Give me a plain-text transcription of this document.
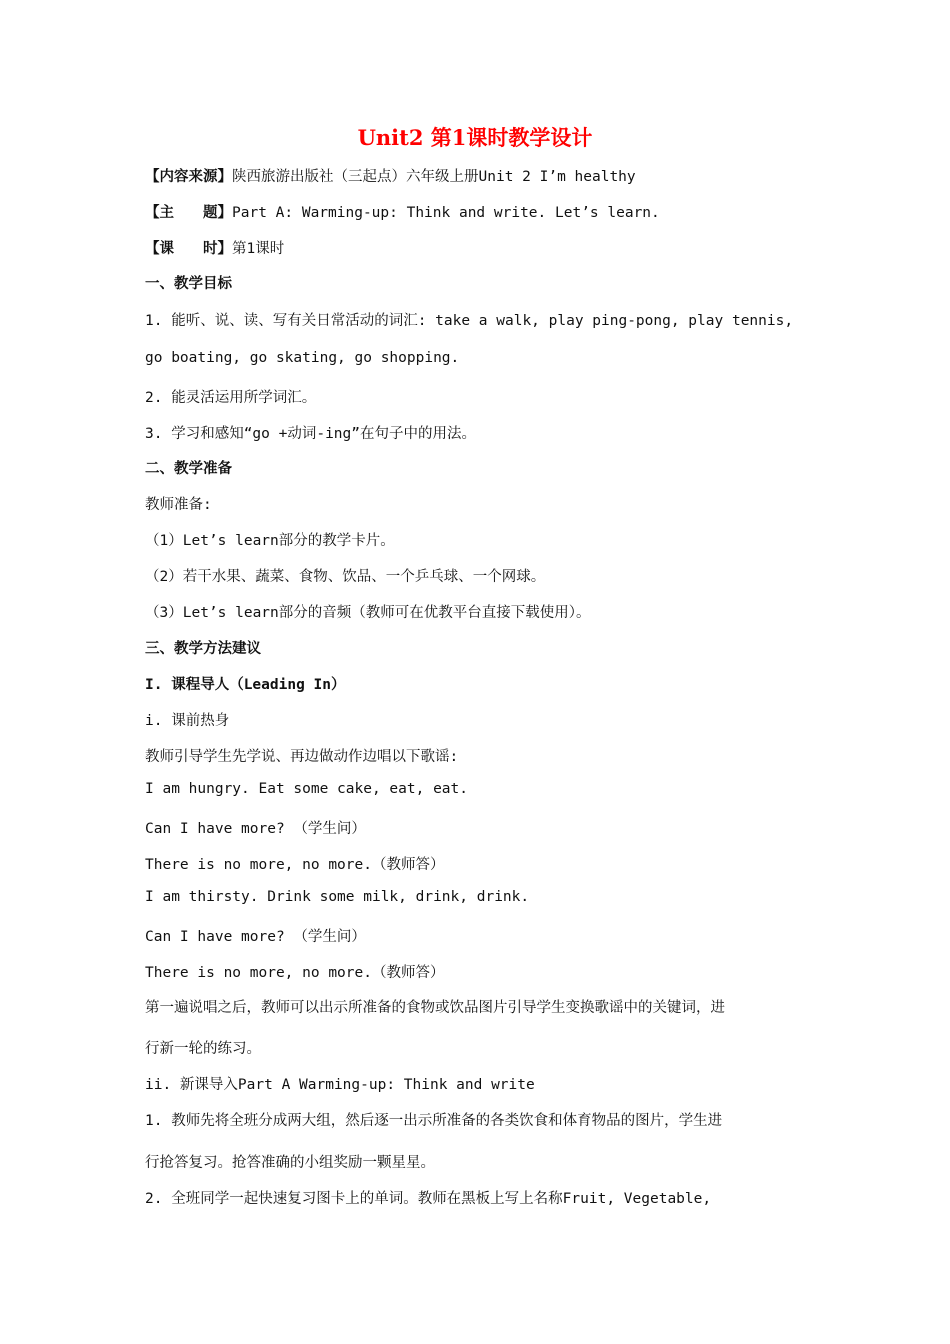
Unit2 第1课时教学设计
【内容来源】陕西旅游出版社（三起点）六年级上册Unit 2 I’m healthy
【主　　题】Part A: Warming-up: Think and write. Let’s learn.
【课　　时】第1课时
一、教学目标
1. 能听、说、读、写有关日常活动的词汇: take a walk, play ping-pong, play tennis,
go boating, go skating, go shopping.
2. 能灵活运用所学词汇。
3. 学习和感知“go +动词-ing”在句子中的用法。
二、教学准备
教师准备:
（1）Let’s learn部分的教学卡片。
（2）若干水果、蔬菜、食物、饮品、一个乒乓球、一个网球。
（3）Let’s learn部分的音频（教师可在优教平台直接下载使用）。
三、教学方法建议
I. 课程导人（Leading In）
i. 课前热身
教师引导学生先学说、再边做动作边唱以下歌谣:
I am hungry. Eat some cake, eat, eat.
Can I have more? （学生问）
There is no more, no more.（教师答）
I am thirsty. Drink some milk, drink, drink.
Can I have more? （学生问）
There is no more, no more.（教师答）
第一遍说唱之后，教师可以出示所准备的食物或饮品图片引导学生变换歌谣中的关键词，进
行新一轮的练习。
ii. 新课导入Part A Warming-up: Think and write
1. 教师先将全班分成两大组，然后逐一出示所准备的各类饮食和体育物品的图片，学生进
行抢答复习。抢答准确的小组奖励一颗星星。
2. 全班同学一起快速复习图卡上的单词。教师在黑板上写上名称Fruit, Vegetable,
